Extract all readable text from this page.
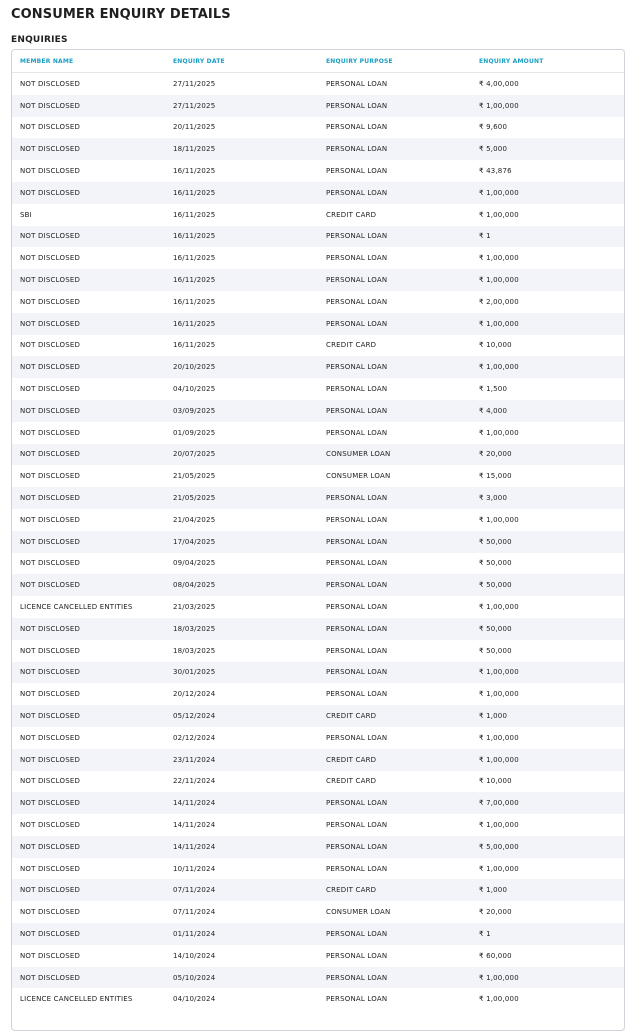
CONSUMER ENQUIRY DETAILS
ENQUIRIES
MEMBER NAME	ENQUIRY DATE	ENQUIRY PURPOSE	ENQUIRY AMOUNT
NOT DISCLOSED	27/11/2025	PERSONAL LOAN	₹ 4,00,000
NOT DISCLOSED	27/11/2025	PERSONAL LOAN	₹ 1,00,000
NOT DISCLOSED	20/11/2025	PERSONAL LOAN	₹ 9,600
NOT DISCLOSED	18/11/2025	PERSONAL LOAN	₹ 5,000
NOT DISCLOSED	16/11/2025	PERSONAL LOAN	₹ 43,876
NOT DISCLOSED	16/11/2025	PERSONAL LOAN	₹ 1,00,000
SBI	16/11/2025	CREDIT CARD	₹ 1,00,000
NOT DISCLOSED	16/11/2025	PERSONAL LOAN	₹ 1
NOT DISCLOSED	16/11/2025	PERSONAL LOAN	₹ 1,00,000
NOT DISCLOSED	16/11/2025	PERSONAL LOAN	₹ 1,00,000
NOT DISCLOSED	16/11/2025	PERSONAL LOAN	₹ 2,00,000
NOT DISCLOSED	16/11/2025	PERSONAL LOAN	₹ 1,00,000
NOT DISCLOSED	16/11/2025	CREDIT CARD	₹ 10,000
NOT DISCLOSED	20/10/2025	PERSONAL LOAN	₹ 1,00,000
NOT DISCLOSED	04/10/2025	PERSONAL LOAN	₹ 1,500
NOT DISCLOSED	03/09/2025	PERSONAL LOAN	₹ 4,000
NOT DISCLOSED	01/09/2025	PERSONAL LOAN	₹ 1,00,000
NOT DISCLOSED	20/07/2025	CONSUMER LOAN	₹ 20,000
NOT DISCLOSED	21/05/2025	CONSUMER LOAN	₹ 15,000
NOT DISCLOSED	21/05/2025	PERSONAL LOAN	₹ 3,000
NOT DISCLOSED	21/04/2025	PERSONAL LOAN	₹ 1,00,000
NOT DISCLOSED	17/04/2025	PERSONAL LOAN	₹ 50,000
NOT DISCLOSED	09/04/2025	PERSONAL LOAN	₹ 50,000
NOT DISCLOSED	08/04/2025	PERSONAL LOAN	₹ 50,000
LICENCE CANCELLED ENTITIES	21/03/2025	PERSONAL LOAN	₹ 1,00,000
NOT DISCLOSED	18/03/2025	PERSONAL LOAN	₹ 50,000
NOT DISCLOSED	18/03/2025	PERSONAL LOAN	₹ 50,000
NOT DISCLOSED	30/01/2025	PERSONAL LOAN	₹ 1,00,000
NOT DISCLOSED	20/12/2024	PERSONAL LOAN	₹ 1,00,000
NOT DISCLOSED	05/12/2024	CREDIT CARD	₹ 1,000
NOT DISCLOSED	02/12/2024	PERSONAL LOAN	₹ 1,00,000
NOT DISCLOSED	23/11/2024	CREDIT CARD	₹ 1,00,000
NOT DISCLOSED	22/11/2024	CREDIT CARD	₹ 10,000
NOT DISCLOSED	14/11/2024	PERSONAL LOAN	₹ 7,00,000
NOT DISCLOSED	14/11/2024	PERSONAL LOAN	₹ 1,00,000
NOT DISCLOSED	14/11/2024	PERSONAL LOAN	₹ 5,00,000
NOT DISCLOSED	10/11/2024	PERSONAL LOAN	₹ 1,00,000
NOT DISCLOSED	07/11/2024	CREDIT CARD	₹ 1,000
NOT DISCLOSED	07/11/2024	CONSUMER LOAN	₹ 20,000
NOT DISCLOSED	01/11/2024	PERSONAL LOAN	₹ 1
NOT DISCLOSED	14/10/2024	PERSONAL LOAN	₹ 60,000
NOT DISCLOSED	05/10/2024	PERSONAL LOAN	₹ 1,00,000
LICENCE CANCELLED ENTITIES	04/10/2024	PERSONAL LOAN	₹ 1,00,000
